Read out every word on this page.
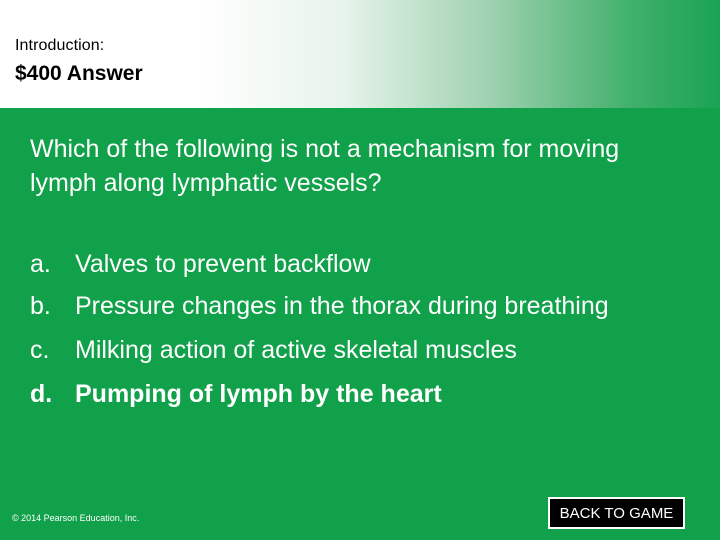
Introduction:
$400 Answer
Which of the following is not a mechanism for moving lymph along lymphatic vessels?
a. Valves to prevent backflow
b. Pressure changes in the thorax during breathing
c.	Milking action of active skeletal muscles
d. Pumping of lymph by the heart
© 2014 Pearson Education, Inc.	BACK TO GAME
